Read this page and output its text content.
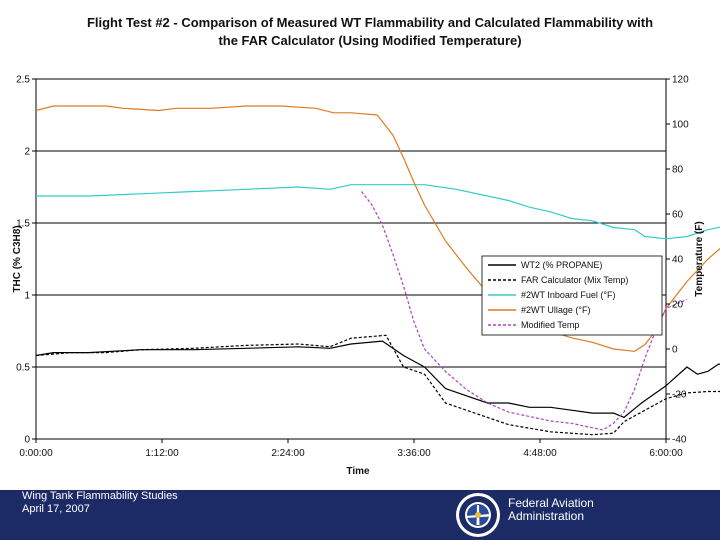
Flight Test #2 - Comparison of Measured WT Flammability and Calculated Flammability with
the FAR Calculator (Using Modified Temperature)
0
0.5
1
1.5
2
2.5
-40
-20
0
20
40
60
80
100
120
0:00:00	1:12:00	2:24:00	3:36:00	4:48:00	6:00:00
Time
THC (% C3H8)	Temperature (F)
WT2 (% PROPANE)
FAR Calculator (Mix Temp)
#2WT Inboard Fuel (°F)
#2WT Ullage (°F)
Modified Temp
Wing Tank Flammability Studies
April 17, 2007	Federal Aviation
Administration
